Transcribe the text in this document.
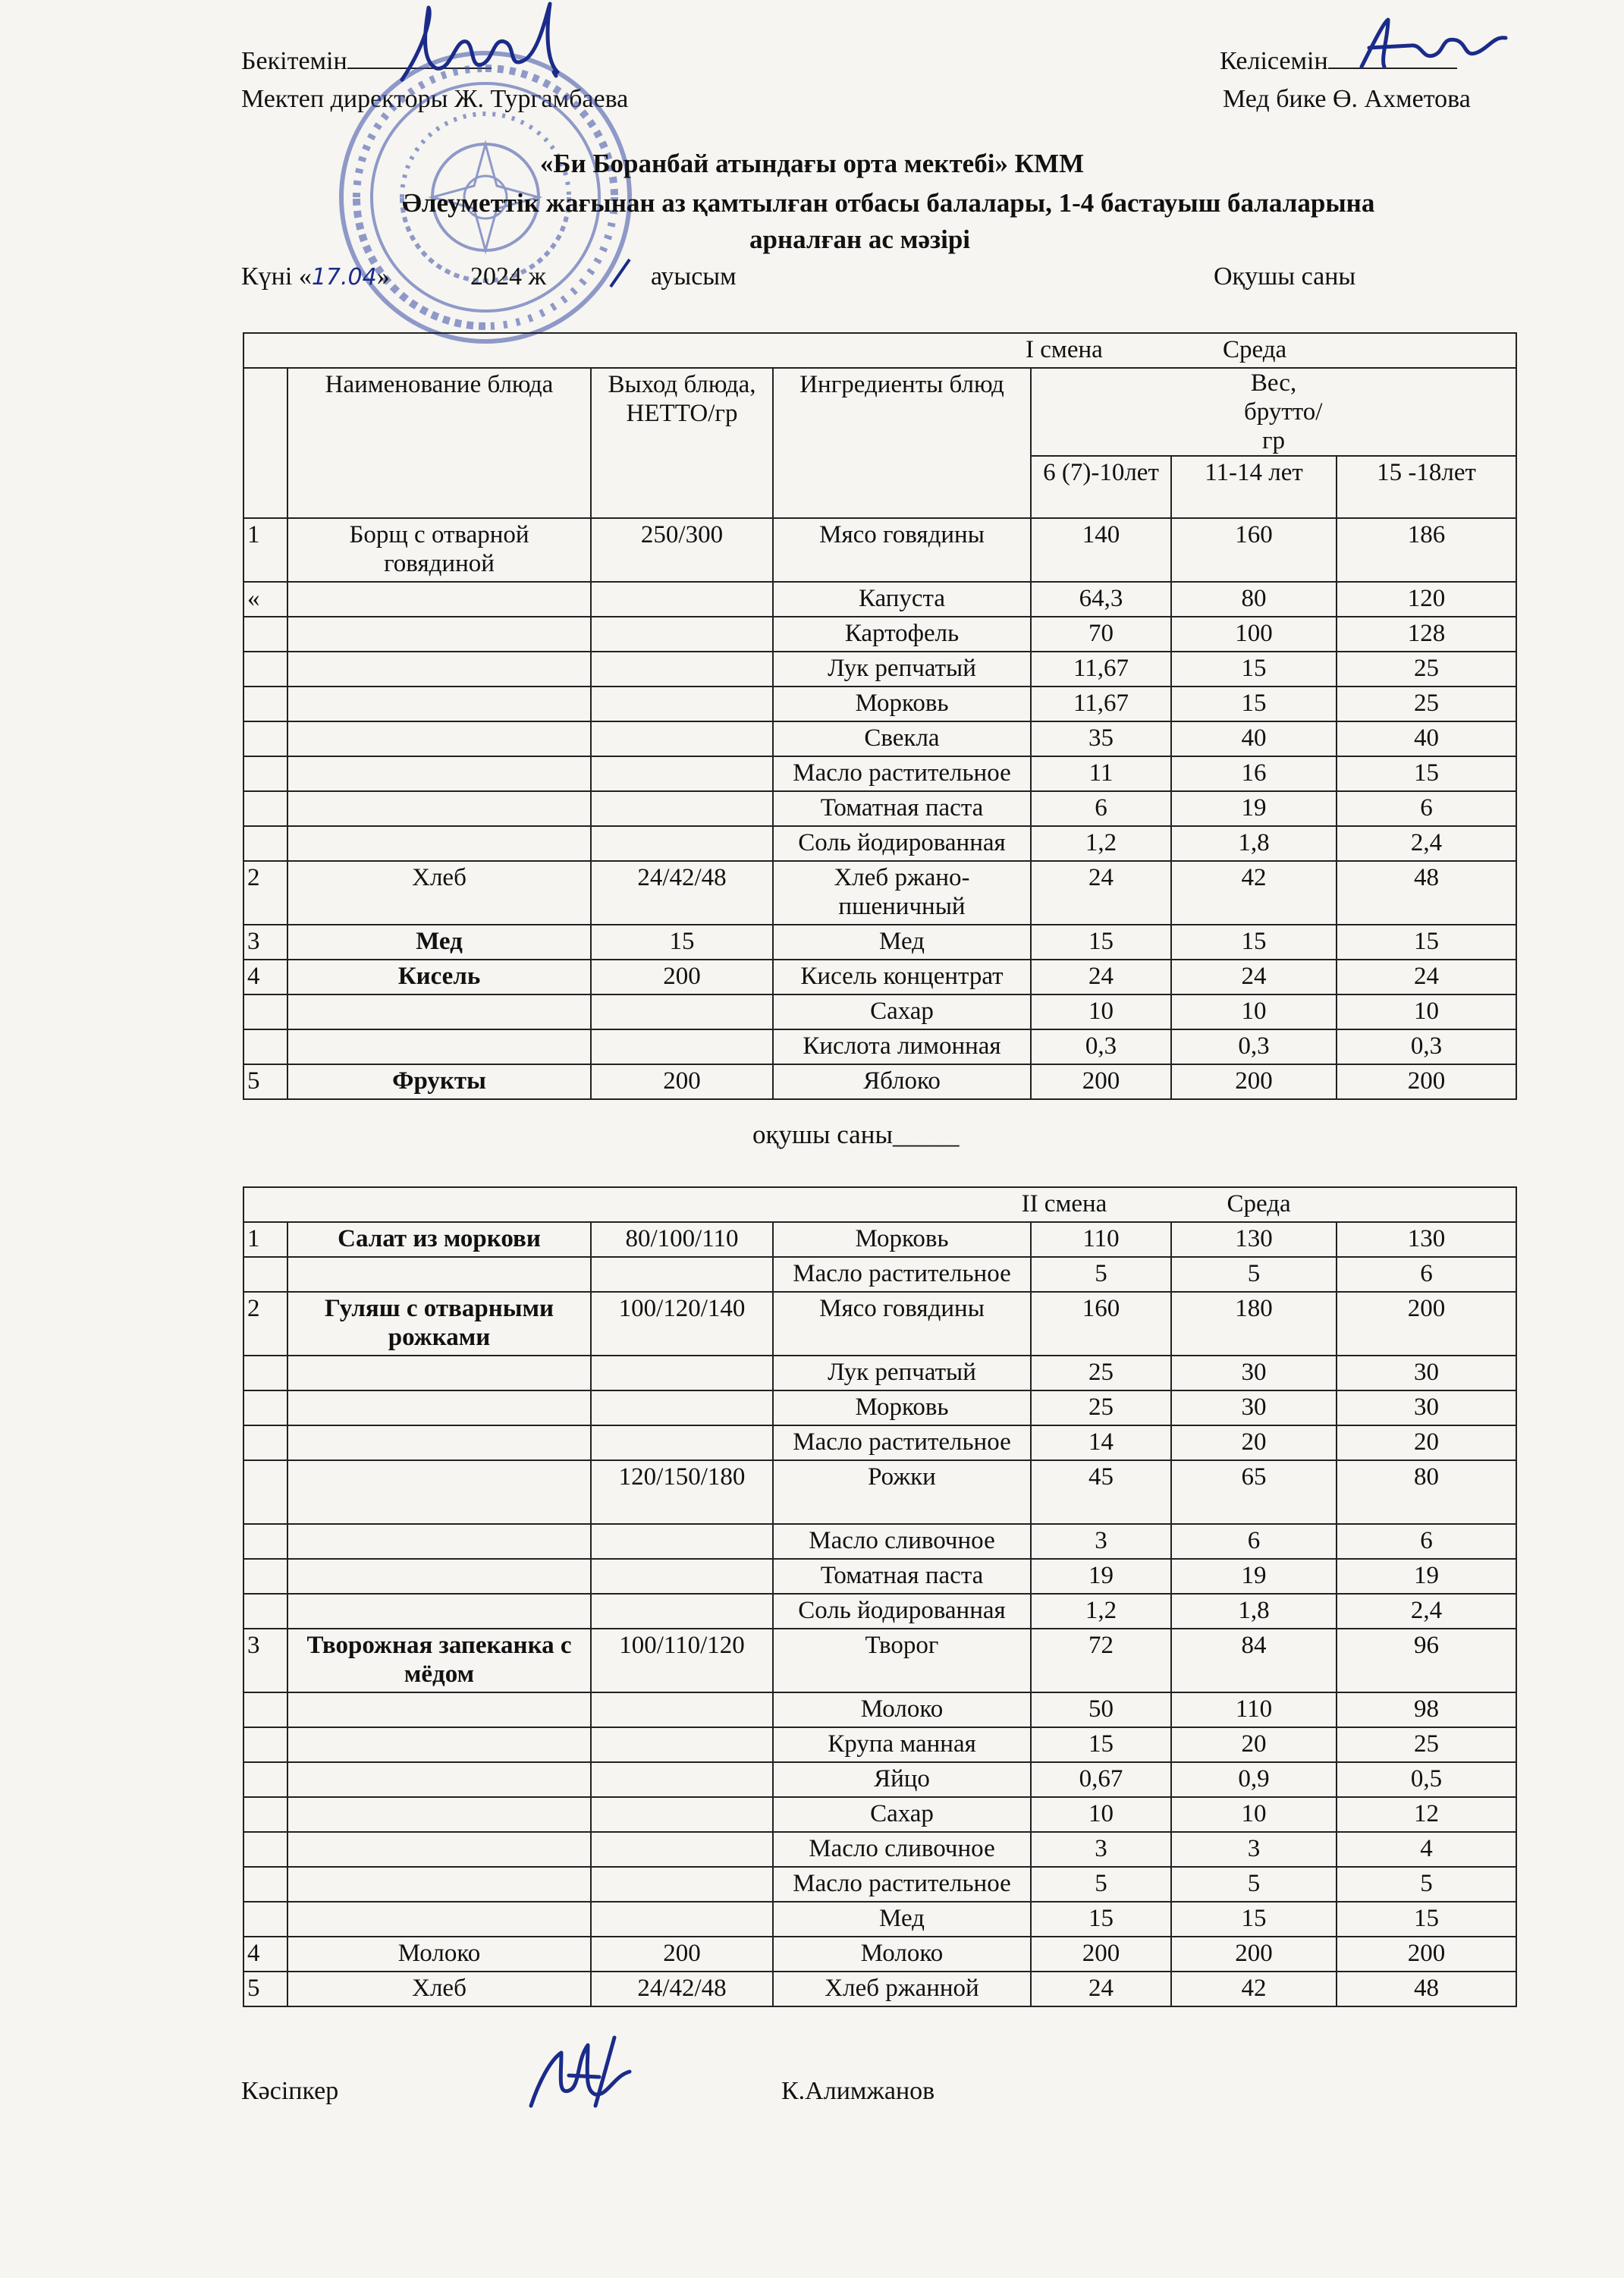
Бекітемін
Мектеп директоры Ж. Тургамбаева
Келісемін
Мед бике Ө. Ахметова
«Би Боранбай атындағы орта мектебі» КММ
Әлеуметтік жағынан аз қамтылған отбасы балалары, 1-4 бастауыш балаларына
арналған ас мәзірі
Күні «17.04»	2024 ж	ауысым	Оқушы саны
I смена Среда						
	Наименование блюда	Выход блюда, НЕТТО/гр	Ингредиенты блюд	Вес, брутто/ гр		
				6 (7)-10лет	11-14 лет	15 -18лет
1	Борщ с отварной говядиной	250/300	Мясо говядины	140	160	186
«			Капуста	64,3	80	120
			Картофель	70	100	128
			Лук репчатый	11,67	15	25
			Морковь	11,67	15	25
			Свекла	35	40	40
			Масло растительное	11	16	15
			Томатная паста	6	19	6
			Соль йодированная	1,2	1,8	2,4
2	Хлеб	24/42/48	Хлеб ржано-пшеничный	24	42	48
3	Мед	15	Мед	15	15	15
4	Кисель	200	Кисель концентрат	24	24	24
			Сахар	10	10	10
			Кислота лимонная	0,3	0,3	0,3
5	Фрукты	200	Яблоко	200	200	200
оқушы саны_____
II смена Среда						
1	Салат из моркови	80/100/110	Морковь	110	130	130
			Масло растительное	5	5	6
2	Гуляш с отварными рожками	100/120/140	Мясо говядины	160	180	200
			Лук репчатый	25	30	30
			Морковь	25	30	30
			Масло растительное	14	20	20
		120/150/180	Рожки	45	65	80
			Масло сливочное	3	6	6
			Томатная паста	19	19	19
			Соль йодированная	1,2	1,8	2,4
3	Творожная запеканка с мёдом	100/110/120	Творог	72	84	96
			Молоко	50	110	98
			Крупа манная	15	20	25
			Яйцо	0,67	0,9	0,5
			Сахар	10	10	12
			Масло сливочное	3	3	4
			Масло растительное	5	5	5
			Мед	15	15	15
4	Молоко	200	Молоко	200	200	200
5	Хлеб	24/42/48	Хлеб ржанной	24	42	48
Кәсіпкер	К.Алимжанов
